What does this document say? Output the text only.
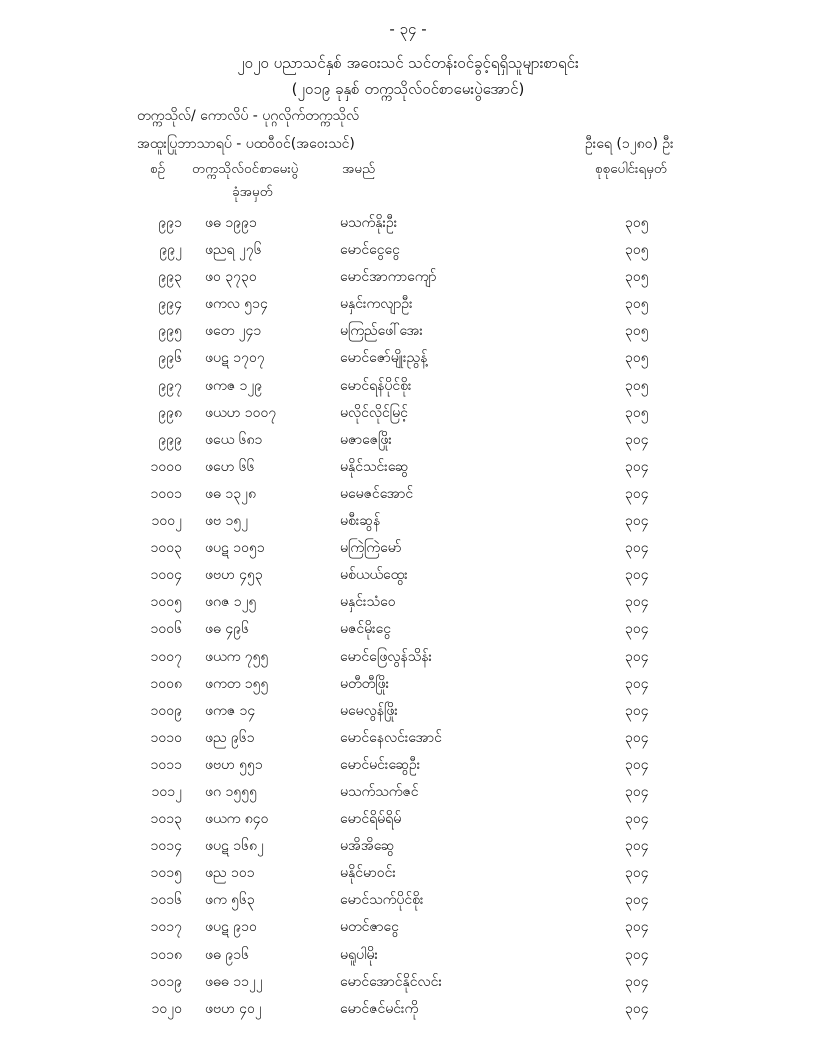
- ၃၄ -
၂၀၂၀ ပညာသင်နှစ် အဝေးသင် သင်တန်းဝင်ခွင့်ရရှိသူများစာရင်း
(၂၀၁၉ ခုနှစ် တက္ကသိုလ်ဝင်စာမေးပွဲအောင်)
တက္ကသိုလ်/ ကောလိပ် - ပုဂ္ဂလိုက်တက္ကသိုလ်
အထူးပြုဘာသာရပ် - ပထဝီဝင်(အဝေးသင်)	ဦးရေ (၁၂၈၀) ဦး
စဉ် တက္ကသိုလ်ဝင်စာမေးပွဲ
ခုံအမှတ်
အမည်	စုစုပေါင်းရမှတ်
၉၉၁ ဖဓ ၁၉၉၁	မသက်နိုးဦး	၃၀၅
၉၉၂ ဖညရ ၂၇၆	မောင်ငွေငွေ	၃၀၅
၉၉၃ ဖဝ ၃၇၃၀	မောင်အာကာကျော်	၃၀၅
၉၉၄ ဖကလ ၅၁၄	မနှင်းကလျာဦး	၃၀၅
၉၉၅ ဖတေ ၂၄၁	မကြည်ဖေါ်အေး	၃၀၅
၉၉၆ ဖပဋ ၁၇၀၇	မောင်ဇော်မျိုးညွန့်	၃၀၅
၉၉၇ ဖကဇ ၁၂၉	မောင်ရန်ပိုင်စိုး	၃၀၅
၉၉၈ ဖယဟ ၁၀၀၇	မလိုင်လိုင်မြင့်	၃၀၅
၉၉၉ ဖယေ ၆၈၁	မဇာဇေဖြိုး	၃၀၄
၁၀၀၀ ဖဟေ ၆၆	မနိုင်သင်းဆွေ	၃၀၄
၁၀၀၁ ဖဓ ၁၃၂၈	မမေဇင်အောင်	၃၀၄
၁၀၀၂ ဖဗ ၁၅၂	မစီးဆွန်	၃၀၄
၁၀၀၃ ဖပဋ ၁၀၅၁	မကြဲကြဲမော်	၃၀၄
၁၀၀၄ ဖဗဟ ၄၅၃	မစ်ယယ်ထွေး	၃၀၄
၁၀၀၅ ဖဂဇ ၁၂၅	မနှင်းသံဝေ	၃၀၄
၁၀၀၆ ဖဓ ၄၉၆	မဇင်မိုးငွေ	၃၀၄
၁၀၀၇ ဖယက ၇၅၅	မောင်ဖြေလွန်သိန်း	၃၀၄
၁၀၀၈ ဖကတ ၁၅၅	မတီတီဖြိုး	၃၀၄
၁၀၀၉ ဖကဇ ၁၄	မမေလွန်ဖြိုး	၃၀၄
၁၀၁၀ ဖည ၉၆၁	မောင်နေလင်းအောင်	၃၀၄
၁၀၁၁ ဖဗဟ ၅၅၁	မောင်မင်းဆွေဦး	၃၀၄
၁၀၁၂ ဖဂ ၁၅၅၅	မသက်သက်ဇင်	၃၀၄
၁၀၁၃ ဖယက ၈၄၀	မောင်ရိမ်ရိမ်	၃၀၄
၁၀၁၄ ဖပဋ ၁၆၈၂	မအိအိဆွေ	၃၀၄
၁၀၁၅ ဖည ၁၀၁	မနိုင်မာဝင်း	၃၀၄
၁၀၁၆ ဖက ၅၆၃	မောင်သက်ပိုင်စိုး	၃၀၄
၁၀၁၇ ဖပဋ ၉၁၀	မတင်ဇာငွေ	၃၀၄
၁၀၁၈ ဖဓ ၉၁၆	မရူပါမိုး	၃၀၄
၁၀၁၉ ဖဓဓ ၁၁၂၂	မောင်အောင်နိုင်လင်း	၃၀၄
၁၀၂၀ ဖဗဟ ၄၀၂	မောင်ဇင်မင်းကို	၃၀၄
